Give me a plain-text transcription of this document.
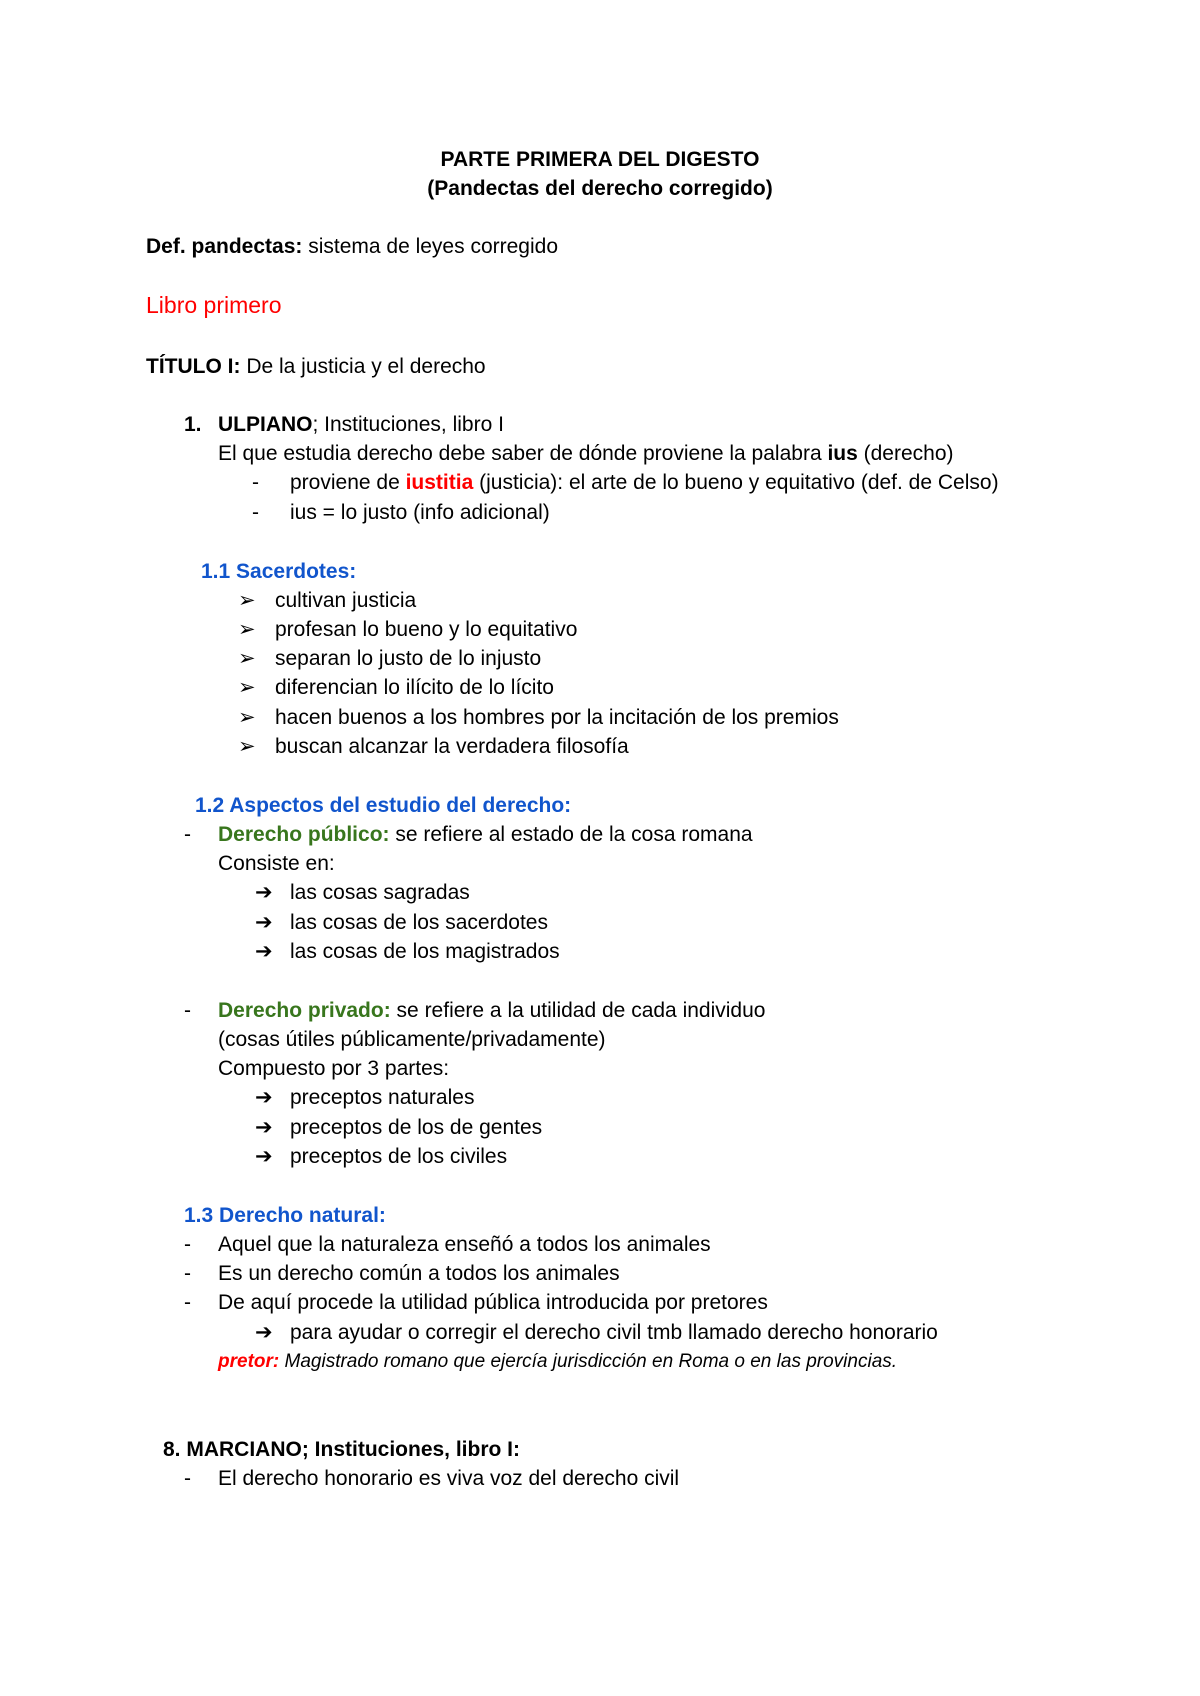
PARTE PRIMERA DEL DIGESTO
(Pandectas del derecho corregido)
Def. pandectas: sistema de leyes corregido
Libro primero
TÍTULO I: De la justicia y el derecho
1. ULPIANO; Instituciones, libro I
El que estudia derecho debe saber de dónde proviene la palabra ius (derecho)
- proviene de iustitia (justicia): el arte de lo bueno y equitativo (def. de Celso)
- ius = lo justo (info adicional)
1.1 Sacerdotes:
➢ cultivan justicia
➢ profesan lo bueno y lo equitativo
➢ separan lo justo de lo injusto
➢ diferencian lo ilícito de lo lícito
➢ hacen buenos a los hombres por la incitación de los premios
➢ buscan alcanzar la verdadera filosofía
1.2 Aspectos del estudio del derecho:
- Derecho público: se refiere al estado de la cosa romana
Consiste en:
➔ las cosas sagradas
➔ las cosas de los sacerdotes
➔ las cosas de los magistrados
- Derecho privado: se refiere a la utilidad de cada individuo
(cosas útiles públicamente/privadamente)
Compuesto por 3 partes:
➔ preceptos naturales
➔ preceptos de los de gentes
➔ preceptos de los civiles
1.3 Derecho natural:
- Aquel que la naturaleza enseñó a todos los animales
- Es un derecho común a todos los animales
- De aquí procede la utilidad pública introducida por pretores
➔ para ayudar o corregir el derecho civil tmb llamado derecho honorario
pretor: Magistrado romano que ejercía jurisdicción en Roma o en las provincias.
8. MARCIANO; Instituciones, libro I:
- El derecho honorario es viva voz del derecho civil
